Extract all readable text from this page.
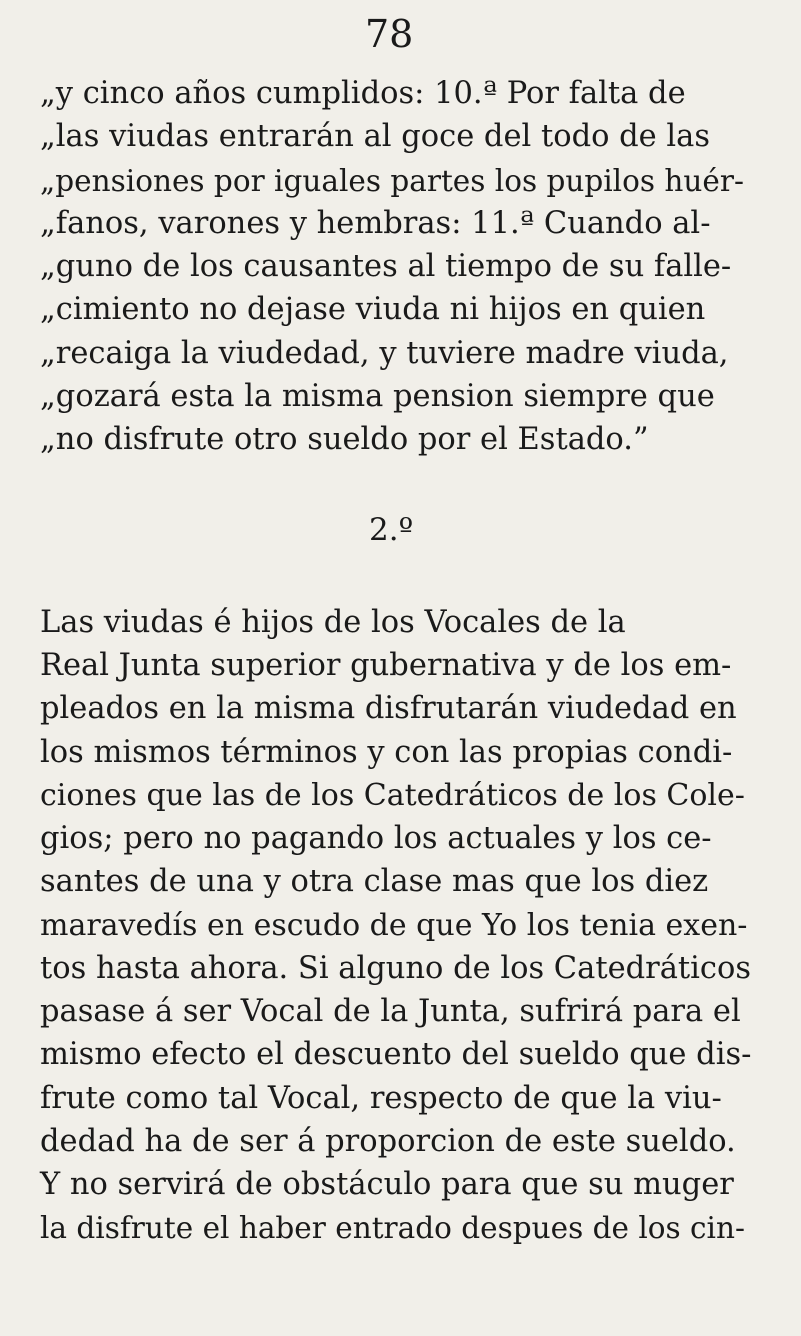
78
„y cinco años cumplidos: 10.ª Por falta de
„las viudas entrarán al goce del todo de las
„pensiones por iguales partes los pupilos huér-
„fanos, varones y hembras: 11.ª Cuando al-
„guno de los causantes al tiempo de su falle-
„cimiento no dejase viuda ni hijos en quien
„recaiga la viudedad, y tuviere madre viuda,
„gozará esta la misma pension siempre que
„no disfrute otro sueldo por el Estado.”
2.º
Las viudas é hijos de los Vocales de la
Real Junta superior gubernativa y de los em-
pleados en la misma disfrutarán viudedad en
los mismos términos y con las propias condi-
ciones que las de los Catedráticos de los Cole-
gios; pero no pagando los actuales y los ce-
santes de una y otra clase mas que los diez
maravedís en escudo de que Yo los tenia exen-
tos hasta ahora. Si alguno de los Catedráticos
pasase á ser Vocal de la Junta, sufrirá para el
mismo efecto el descuento del sueldo que dis-
frute como tal Vocal, respecto de que la viu-
dedad ha de ser á proporcion de este sueldo.
Y no servirá de obstáculo para que su muger
la disfrute el haber entrado despues de los cin-
